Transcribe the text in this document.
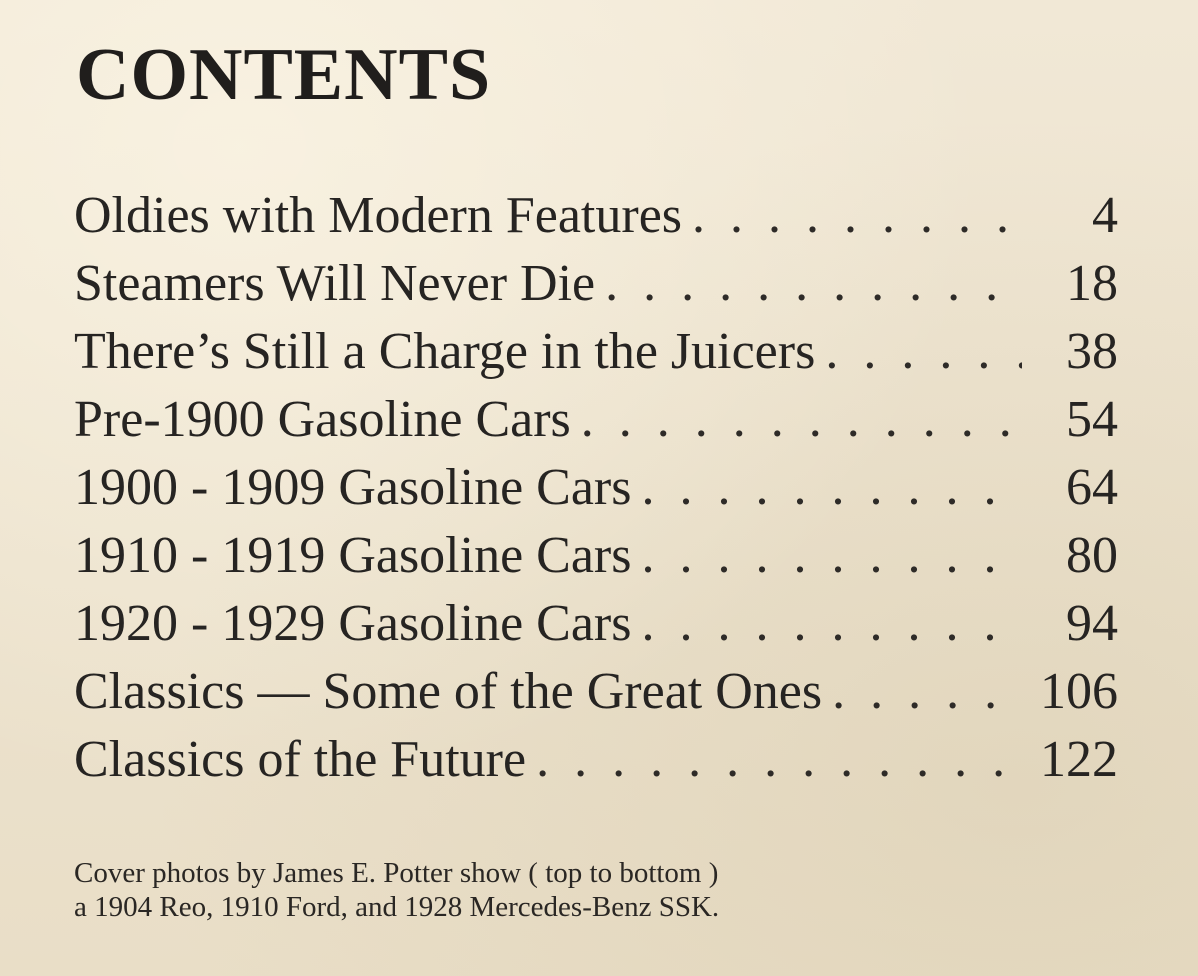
CONTENTS
Oldies with Modern Features . . .	4
Steamers Will Never Die . . .	18
There’s Still a Charge in the Juicers . . .	38
Pre-1900 Gasoline Cars . . .	54
1900 - 1909 Gasoline Cars . . .	64
1910 - 1919 Gasoline Cars . . .	80
1920 - 1929 Gasoline Cars . . .	94
Classics — Some of the Great Ones . . .	106
Classics of the Future . . .	122
Cover photos by James E. Potter show ( top to bottom )
a 1904 Reo, 1910 Ford, and 1928 Mercedes-Benz SSK.
